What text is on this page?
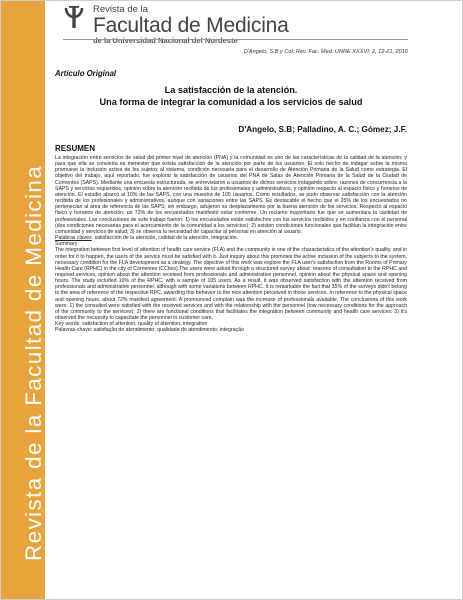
Revista de la Facultad de Medicina
Revista de la
Facultad de Medicina
de la Universidad Nacional del Nordeste
D'Angelo, S.B y Col. Rev. Fac. Med. UNNE XXXVI: 2, 12-21, 2016
Artículo Original
La satisfacción de la atención.
Una forma de integrar la comunidad a los servicios de salud
D'Angelo, S.B; Palladino, A. C.; Gómez; J.F.
RESUMEN

La integración entre servicios de salud del primer nivel de atención (PNA) y la comunidad es uno de las características de la calidad de la atención; y para que ella se convierta es menester que exista satisfacción de la atención por parte de los usuarios. El solo hecho de indagar sobre la misma promueve la inclusión activa de los sujetos al sistema, condición necesaria para el desarrollo de Atención Primaria de la Salud como estrategia. El objetivo del trabajo, aquí reportado, fue explorar la satisfacción de usuarios del PNA de Salas de Atención Primaria de la Salud de la Ciudad de Corrientes (SAPS). Mediante una encuesta estructurada, se entrevistaron a usuarios de dichos servicios indagando sobre: razones de concurrencia a la SAPS y servicios requeridos, opinión sobre la atención recibida de los profesionales y administrativos, y opinión respecto al espacio físico y horarios de atención. El estudio abarcó al 10% de las SAPS, con una muestra de 105 usuarios. Como resultados, se pudo observar satisfacción con la atención recibida de los profesionales y administrativos, aunque con variaciones entre las SAPS. Es destacable el hecho que el 35% de los encuestados no pertenecían al área de referencia de las SAPS; sin embargo, adujeron su desplazamiento por la buena atención de los servicios. Respecto al espacio físico y horarios de atención, un 72% de los encuestados manifestó estar conforme. Un reclamo mayoritario fue que se aumentara la cantidad de profesionales. Las conclusiones de este trabajo fueron: 1) los encuestados están satisfechos con los servicios recibidos y en confianza con el personal (dos condiciones necesarias para el acercamiento de la comunidad a los servicios); 2) existen condiciones funcionales que facilitan la integración entre comunidad y servicios de salud; 3) se observa la necesidad de capacitar al personal en atención al usuario.

Palabras claves: satisfacción de la atención, calidad de la atención, integración.

Summary

The integration between first level of attention of health care service (FLA) and the community is one of the characteristics of the attention's quality, and in order for it to happen, the users of the service must be satisfied with it. Just inquiry about this promotes the active inclusion of the subjects to the system, necessary condition for the FLA development as a strategy. The objective of this work was explore the FLA user's satisfaction from the Rooms of Primary Health Care (RPHC) in the city of Corrientes (CCties).The users were asked through a structured survey about: reasons of consultation to the RPHC and required services, opinion about the attention received from professionals and administrative personnel, opinion about the physical space and opening hours. The study included 10% of the RPHC, with a sample of 105 users. As a result, it was observed satisfaction with the attention received from professionals and administrative personnel, although with some variations between RPHC. It is remarkable the fact that 35% of the surveys didn't belong to the area of reference of the respective RPC, awarding this behavior to the nice attention perceived in those services. In reference to the physical space and opening hours, about 72% manifest agreement. A pronounced complain was the increase of professionals available. The conclusions of this work were: 1) the consulted were satisfied with the received services and with the relationship with the personnel (tow necessary conditions for the approach of the community to the services); 2) there are functional conditions that facilitates the integration between community and health care services; 3) it's observed the necessity to capacitate the personnel in customer care.

Key words: satisfaction of attention, quality of attention, integration

Palavras-chave: satisfação do atendimento; qualidade do atendimento; integração
